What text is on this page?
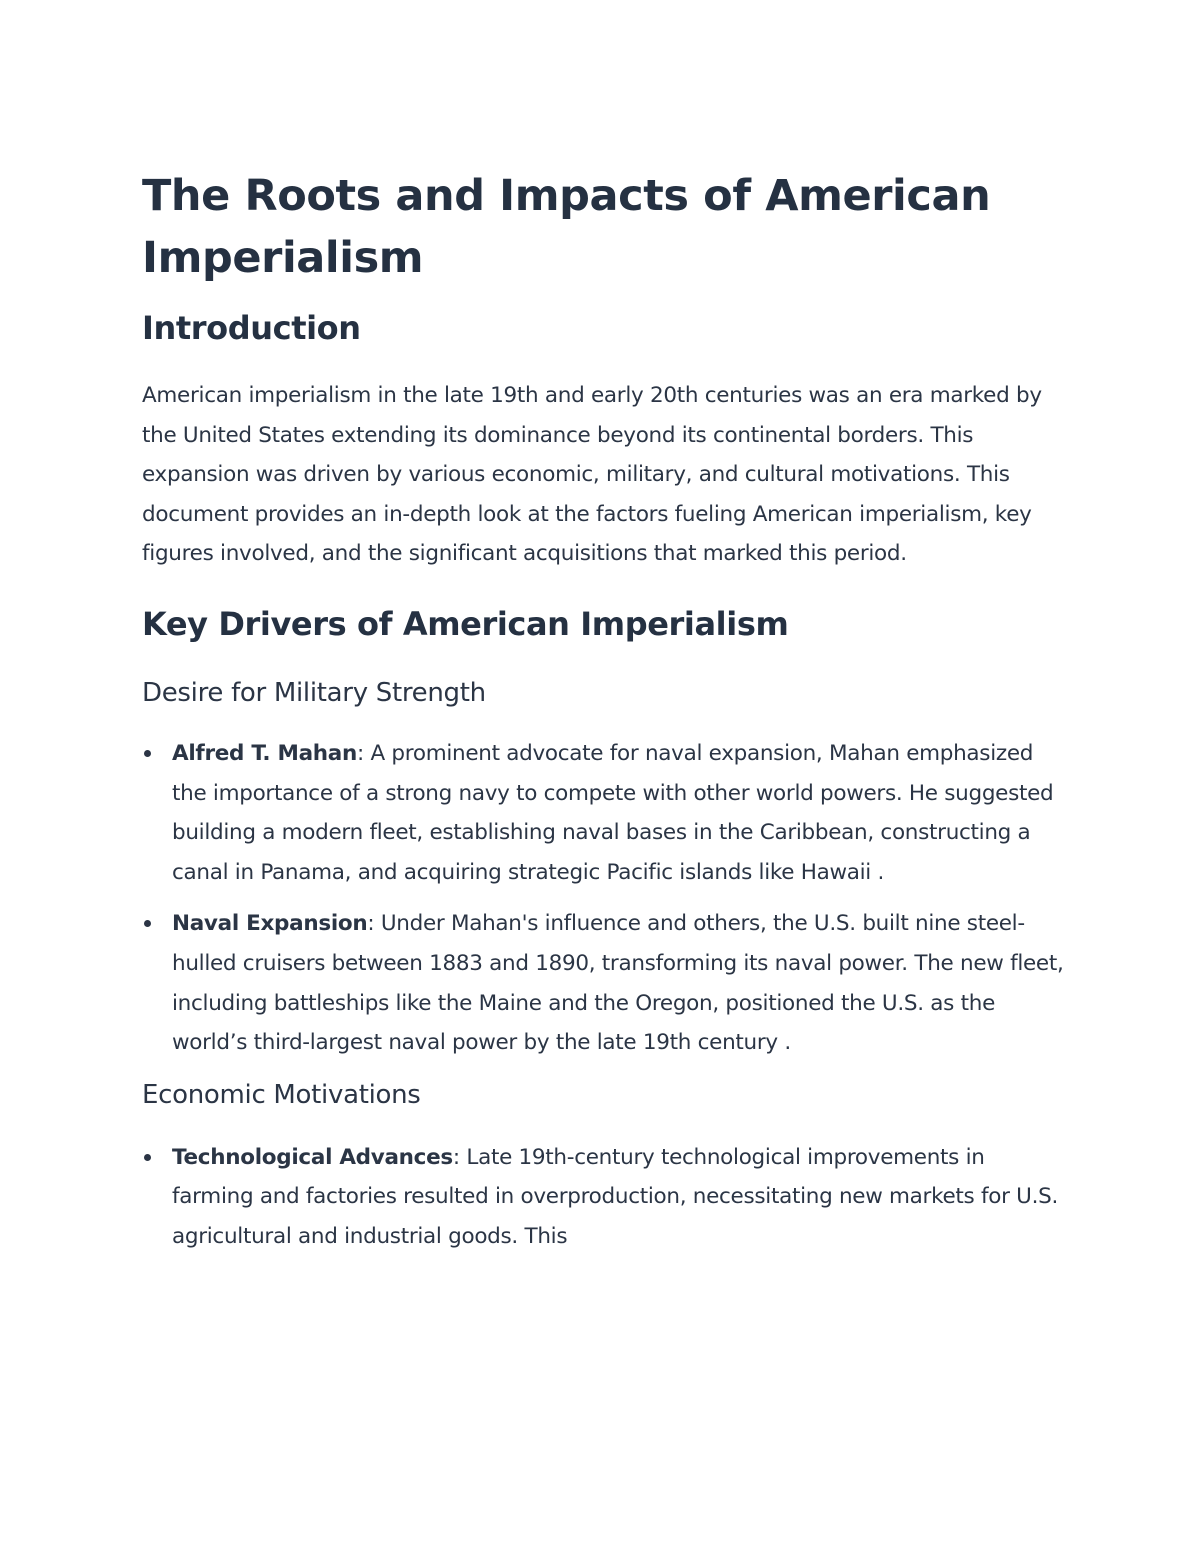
The Roots and Impacts of American Imperialism
Introduction

American imperialism in the late 19th and early 20th centuries was an era marked by the United States extending its dominance beyond its continental borders. This expansion was driven by various economic, military, and cultural motivations. This document provides an in-depth look at the factors fueling American imperialism, key figures involved, and the significant acquisitions that marked this period.

Key Drivers of American Imperialism
Desire for Military Strength
Alfred T. Mahan: A prominent advocate for naval expansion, Mahan emphasized the importance of a strong navy to compete with other world powers. He suggested building a modern fleet, establishing naval bases in the Caribbean, constructing a canal in Panama, and acquiring strategic Pacific islands like Hawaii .
Naval Expansion: Under Mahan's influence and others, the U.S. built nine steel-hulled cruisers between 1883 and 1890, transforming its naval power. The new fleet, including battleships like the Maine and the Oregon, positioned the U.S. as the world’s third-largest naval power by the late 19th century .
Economic Motivations
Technological Advances: Late 19th-century technological improvements in farming and factories resulted in overproduction, necessitating new markets for U.S. agricultural and industrial goods. This
